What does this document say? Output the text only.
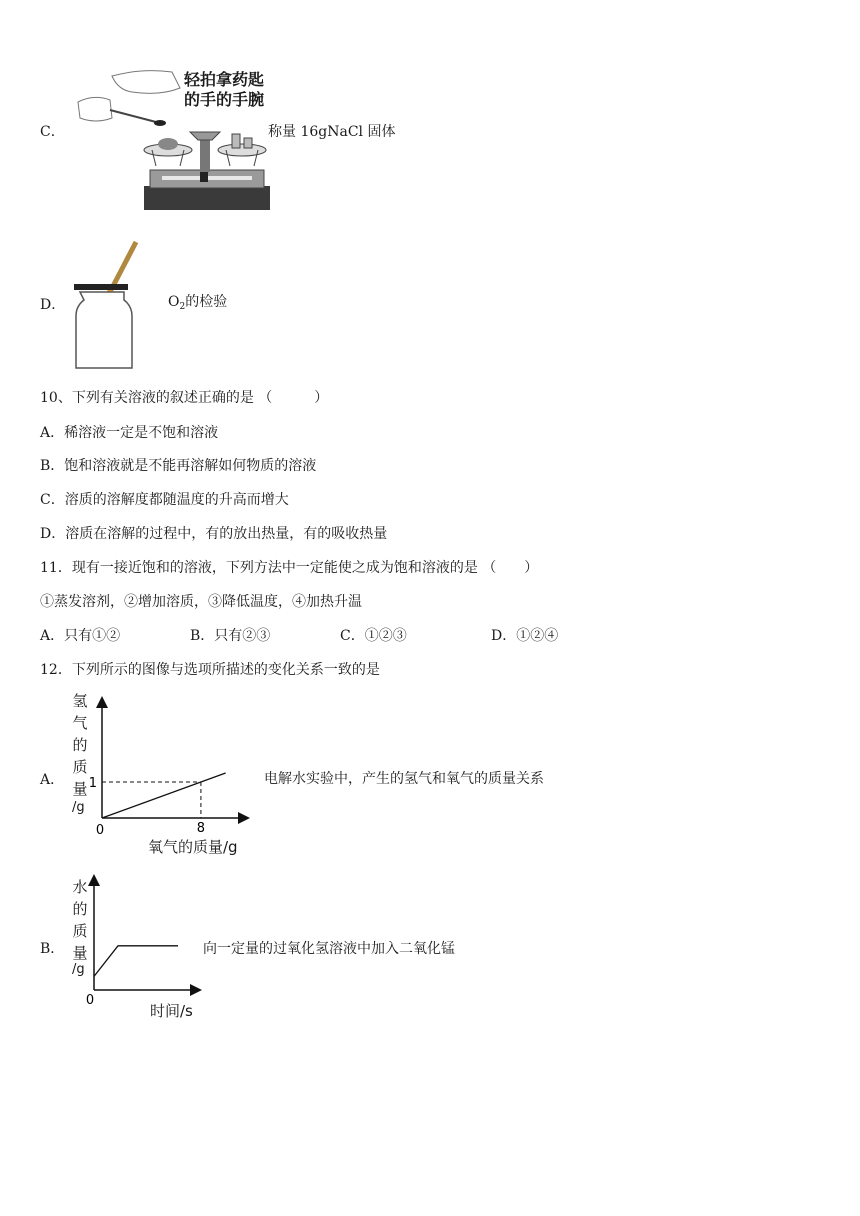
C．
轻拍拿药匙
的手的手腕
称量 16gNaCl 固体
D．	$O_2$的检验
10、下列有关溶液的叙述正确的是 （　　　）
A．稀溶液一定是不饱和溶液
B．饱和溶液就是不能再溶解如何物质的溶液
C．溶质的溶解度都随温度的升高而增大
D．溶质在溶解的过程中，有的放出热量，有的吸收热量
11．现有一接近饱和的溶液，下列方法中一定能使之成为饱和溶液的是 （　　）
①蒸发溶剂，②增加溶质，③降低温度，④加热升温
A．只有①②	B．只有②③	C．①②③	D．①②④
12．下列所示的图像与选项所描述的变化关系一致的是
A．
0	8
1
氢
气
的
质
量
/g
氧气的质量/g
电解水实验中，产生的氢气和氧气的质量关系
B．
0
水
的
质
量
/g
时间/s
向一定量的过氧化氢溶液中加入二氧化锰
